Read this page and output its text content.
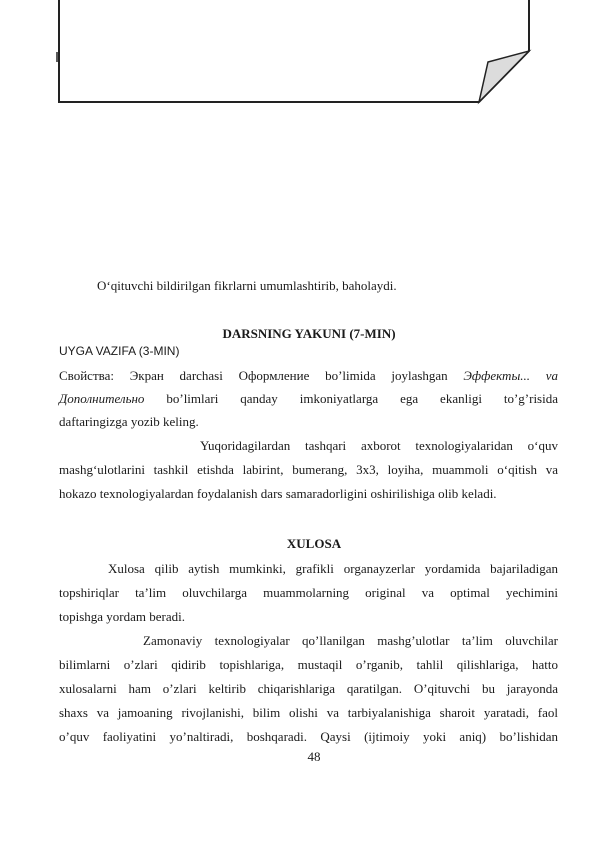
O‘qituvchi bildirilgan fikrlarni umumlashtirib, baholaydi.
DARSNING YAKUNI (7-MIN)
UYGA VAZIFA (3-MIN)
Свойства: Экран darchasi Оформление bo’limida joylashgan Эффекты... va
Дополнительно bo’limlari qanday imkoniyatlarga ega ekanligi to’g’risida
daftaringizga yozib keling.
Yuqoridagilardan tashqari axborot texnologiyalaridan o‘quv
mashg‘ulotlarini tashkil etishda labirint, bumerang, 3x3, loyiha, muammoli o‘qitish va
hokazo texnologiyalardan foydalanish dars samaradorligini oshirilishiga olib keladi.
XULOSA
Xulosa qilib aytish mumkinki, grafikli organayzerlar yordamida bajariladigan
topshiriqlar ta’lim oluvchilarga muammolarning original va optimal yechimini
topishga yordam beradi.
Zamonaviy texnologiyalar qo’llanilgan mashg’ulotlar ta’lim oluvchilar
bilimlarni o’zlari qidirib topishlariga, mustaqil o’rganib, tahlil qilishlariga, hatto
xulosalarni ham o’zlari keltirib chiqarishlariga qaratilgan. O’qituvchi bu jarayonda
shaxs va jamoaning rivojlanishi, bilim olishi va tarbiyalanishiga sharoit yaratadi, faol
o’quv faoliyatini yo’naltiradi, boshqaradi. Qaysi (ijtimoiy yoki aniq) bo’lishidan
48
